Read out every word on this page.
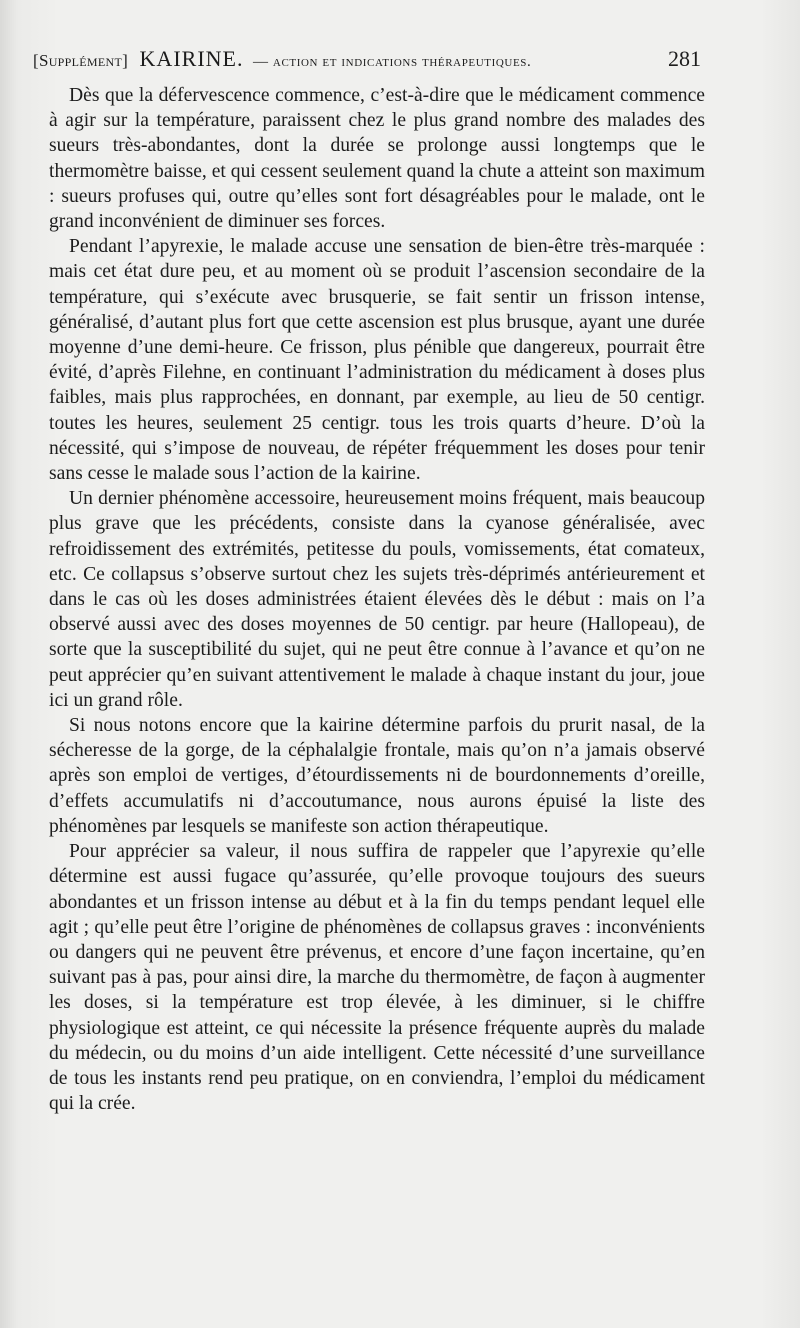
[Supplément] KAIRINE. — action et indications thérapeutiques.	281

Dès que la défervescence commence, c’est-à-dire que le médicament commence à agir sur la température, paraissent chez le plus grand nombre des malades des sueurs très-abondantes, dont la durée se prolonge aussi longtemps que le thermomètre baisse, et qui cessent seulement quand la chute a atteint son maximum : sueurs profuses qui, outre qu’elles sont fort désagréables pour le malade, ont le grand inconvénient de diminuer ses forces.

Pendant l’apyrexie, le malade accuse une sensation de bien-être très-marquée : mais cet état dure peu, et au moment où se produit l’ascension secondaire de la température, qui s’exécute avec brusquerie, se fait sentir un frisson intense, généralisé, d’autant plus fort que cette ascension est plus brusque, ayant une durée moyenne d’une demi-heure. Ce frisson, plus pénible que dangereux, pourrait être évité, d’après Filehne, en continuant l’administration du médicament à doses plus faibles, mais plus rapprochées, en donnant, par exemple, au lieu de 50 centigr. toutes les heures, seulement 25 centigr. tous les trois quarts d’heure. D’où la nécessité, qui s’impose de nouveau, de répéter fréquemment les doses pour tenir sans cesse le malade sous l’action de la kairine.

Un dernier phénomène accessoire, heureusement moins fréquent, mais beaucoup plus grave que les précédents, consiste dans la cyanose généralisée, avec refroidissement des extrémités, petitesse du pouls, vomissements, état comateux, etc. Ce collapsus s’observe surtout chez les sujets très-déprimés antérieurement et dans le cas où les doses administrées étaient élevées dès le début : mais on l’a observé aussi avec des doses moyennes de 50 centigr. par heure (Hallopeau), de sorte que la susceptibilité du sujet, qui ne peut être connue à l’avance et qu’on ne peut apprécier qu’en suivant attentivement le malade à chaque instant du jour, joue ici un grand rôle.

Si nous notons encore que la kairine détermine parfois du prurit nasal, de la sécheresse de la gorge, de la céphalalgie frontale, mais qu’on n’a jamais observé après son emploi de vertiges, d’étourdissements ni de bourdonnements d’oreille, d’effets accumulatifs ni d’accoutumance, nous aurons épuisé la liste des phénomènes par lesquels se manifeste son action thérapeutique.

Pour apprécier sa valeur, il nous suffira de rappeler que l’apyrexie qu’elle détermine est aussi fugace qu’assurée, qu’elle provoque toujours des sueurs abondantes et un frisson intense au début et à la fin du temps pendant lequel elle agit ; qu’elle peut être l’origine de phénomènes de collapsus graves : inconvénients ou dangers qui ne peuvent être prévenus, et encore d’une façon incertaine, qu’en suivant pas à pas, pour ainsi dire, la marche du thermomètre, de façon à augmenter les doses, si la température est trop élevée, à les diminuer, si le chiffre physiologique est atteint, ce qui nécessite la présence fréquente auprès du malade du médecin, ou du moins d’un aide intelligent. Cette nécessité d’une surveillance de tous les instants rend peu pratique, on en conviendra, l’emploi du médicament qui la crée.
